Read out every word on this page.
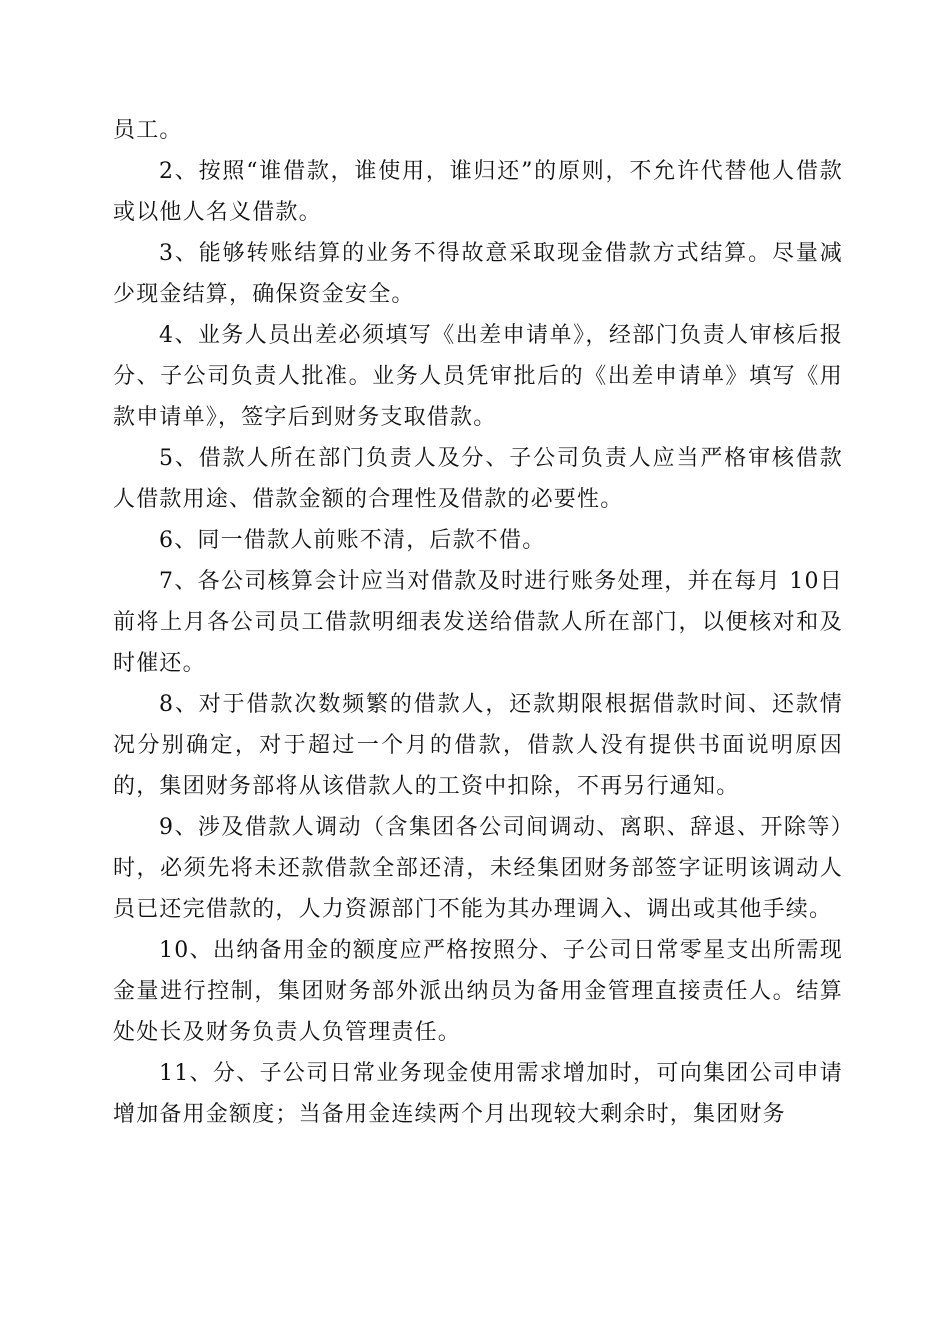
员工。

2、按照“谁借款，谁使用，谁归还”的原则，不允许代替他人借款或以他人名义借款。

3、能够转账结算的业务不得故意采取现金借款方式结算。尽量减少现金结算，确保资金安全。

4、业务人员出差必须填写《出差申请单》，经部门负责人审核后报分、子公司负责人批准。业务人员凭审批后的《出差申请单》填写《用款申请单》，签字后到财务支取借款。

5、借款人所在部门负责人及分、子公司负责人应当严格审核借款人借款用途、借款金额的合理性及借款的必要性。

6、同一借款人前账不清，后款不借。

7、各公司核算会计应当对借款及时进行账务处理，并在每月 10日前将上月各公司员工借款明细表发送给借款人所在部门，以便核对和及时催还。

8、对于借款次数频繁的借款人，还款期限根据借款时间、还款情况分别确定，对于超过一个月的借款，借款人没有提供书面说明原因的，集团财务部将从该借款人的工资中扣除，不再另行通知。

9、涉及借款人调动（含集团各公司间调动、离职、辞退、开除等）时，必须先将未还款借款全部还清，未经集团财务部签字证明该调动人员已还完借款的，人力资源部门不能为其办理调入、调出或其他手续。

10、出纳备用金的额度应严格按照分、子公司日常零星支出所需现金量进行控制，集团财务部外派出纳员为备用金管理直接责任人。结算处处长及财务负责人负管理责任。

11、分、子公司日常业务现金使用需求增加时，可向集团公司申请增加备用金额度；当备用金连续两个月出现较大剩余时，集团财务
